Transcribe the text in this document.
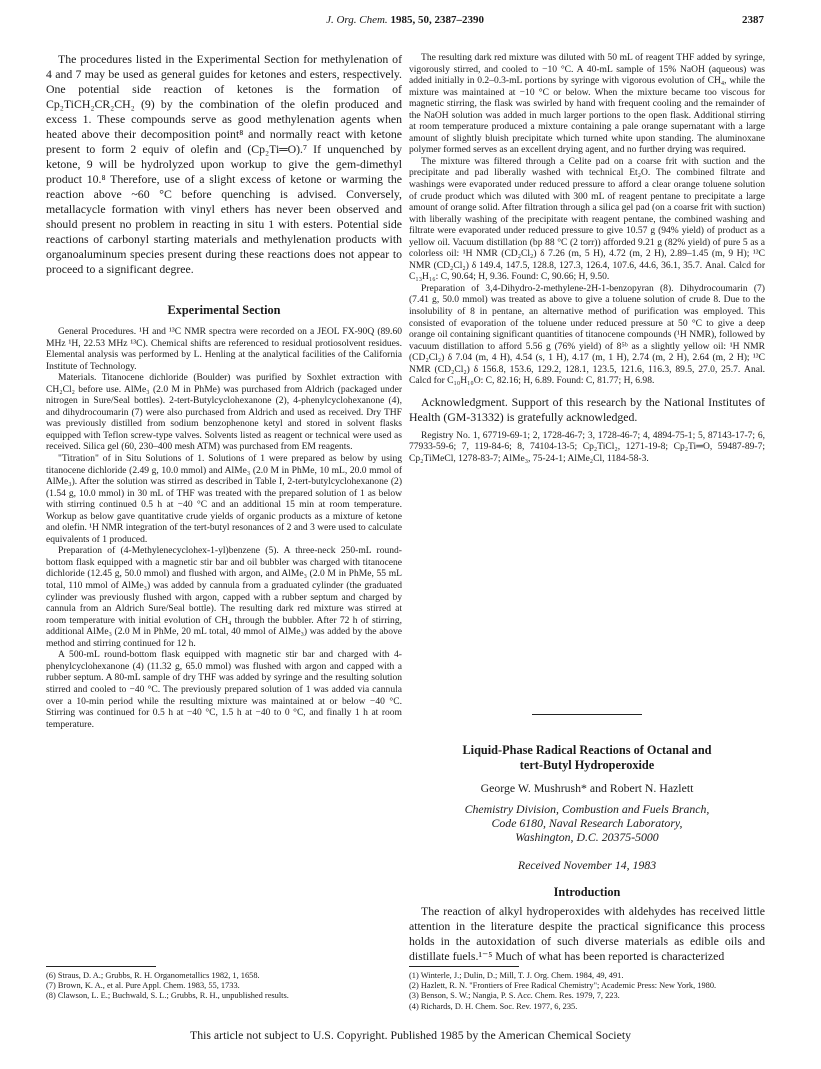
J. Org. Chem. 1985, 50, 2387–2390	2387

The procedures listed in the Experimental Section for methylenation of 4 and 7 may be used as general guides for ketones and esters, respectively. One potential side reaction of ketones is the formation of Cp₂TiCH₂CR₂CH₂ (9) by the combination of the olefin produced and excess 1. These compounds serve as good methylenation agents when heated above their decomposition point⁸ and normally react with ketone present to form 2 equiv of olefin and (Cp₂Ti═O).⁷ If unquenched by ketone, 9 will be hydrolyzed upon workup to give the gem-dimethyl product 10.⁸ Therefore, use of a slight excess of ketone or warming the reaction above ~60 °C before quenching is advised. Conversely, metallacycle formation with vinyl ethers has never been observed and should present no problem in reacting in situ 1 with esters. Potential side reactions of carbonyl starting materials and methylenation products with organoaluminum species present during these reactions does not appear to proceed to a significant degree.

Experimental Section

General Procedures. ¹H and ¹³C NMR spectra were recorded on a JEOL FX-90Q (89.60 MHz ¹H, 22.53 MHz ¹³C). Chemical shifts are referenced to residual protiosolvent residues. Elemental analysis was performed by L. Henling at the analytical facilities of the California Institute of Technology.

Materials. Titanocene dichloride (Boulder) was purified by Soxhlet extraction with CH₂Cl₂ before use. AlMe₃ (2.0 M in PhMe) was purchased from Aldrich (packaged under nitrogen in Sure/Seal bottles). 2-tert-Butylcyclohexanone (2), 4-phenylcyclohexanone (4), and dihydrocoumarin (7) were also purchased from Aldrich and used as received. Dry THF was previously distilled from sodium benzophenone ketyl and stored in solvent flasks equipped with Teflon screw-type valves. Solvents listed as reagent or technical were used as received. Silica gel (60, 230–400 mesh ATM) was purchased from EM reagents.

"Titration" of in Situ Solutions of 1. Solutions of 1 were prepared as below by using titanocene dichloride (2.49 g, 10.0 mmol) and AlMe₃ (2.0 M in PhMe, 10 mL, 20.0 mmol of AlMe₃). After the solution was stirred as described in Table I, 2-tert-butylcyclohexanone (2) (1.54 g, 10.0 mmol) in 30 mL of THF was treated with the prepared solution of 1 as below with stirring continued 0.5 h at −40 °C and an additional 15 min at room temperature. Workup as below gave quantitative crude yields of organic products as a mixture of ketone and olefin. ¹H NMR integration of the tert-butyl resonances of 2 and 3 were used to calculate equivalents of 1 produced.

Preparation of (4-Methylenecyclohex-1-yl)benzene (5). A three-neck 250-mL round-bottom flask equipped with a magnetic stir bar and oil bubbler was charged with titanocene dichloride (12.45 g, 50.0 mmol) and flushed with argon, and AlMe₃ (2.0 M in PhMe, 55 mL total, 110 mmol of AlMe₃) was added by cannula from a graduated cylinder (the graduated cylinder was previously flushed with argon, capped with a rubber septum and charged by cannula from an Aldrich Sure/Seal bottle). The resulting dark red mixture was stirred at room temperature with initial evolution of CH₄ through the bubbler. After 72 h of stirring, additional AlMe₃ (2.0 M in PhMe, 20 mL total, 40 mmol of AlMe₃) was added by the above method and stirring continued for 12 h.

A 500-mL round-bottom flask equipped with magnetic stir bar and charged with 4-phenylcyclohexanone (4) (11.32 g, 65.0 mmol) was flushed with argon and capped with a rubber septum. A 80-mL sample of dry THF was added by syringe and the resulting solution stirred and cooled to −40 °C. The previously prepared solution of 1 was added via cannula over a 10-min period while the resulting mixture was maintained at or below −40 °C. Stirring was continued for 0.5 h at −40 °C, 1.5 h at −40 to 0 °C, and finally 1 h at room temperature.

(6) Straus, D. A.; Grubbs, R. H. Organometallics 1982, 1, 1658.
(7) Brown, K. A., et al. Pure Appl. Chem. 1983, 55, 1733.
(8) Clawson, L. E.; Buchwald, S. L.; Grubbs, R. H., unpublished results.

The resulting dark red mixture was diluted with 50 mL of reagent THF added by syringe, vigorously stirred, and cooled to −10 °C. A 40-mL sample of 15% NaOH (aqueous) was added initially in 0.2–0.3-mL portions by syringe with vigorous evolution of CH₄, while the mixture was maintained at −10 °C or below. When the mixture became too viscous for magnetic stirring, the flask was swirled by hand with frequent cooling and the remainder of the NaOH solution was added in much larger portions to the open flask. Additional stirring at room temperature produced a mixture containing a pale orange supernatant with a large amount of slightly bluish precipitate which turned white upon standing. The aluminoxane polymer formed serves as an excellent drying agent, and no further drying was required.

The mixture was filtered through a Celite pad on a coarse frit with suction and the precipitate and pad liberally washed with technical Et₂O. The combined filtrate and washings were evaporated under reduced pressure to afford a clear orange toluene solution of crude product which was diluted with 300 mL of reagent pentane to precipitate a large amount of orange solid. After filtration through a silica gel pad (on a coarse frit with suction) with liberally washing of the precipitate with reagent pentane, the combined washing and filtrate were evaporated under reduced pressure to give 10.57 g (94% yield) of product as a yellow oil. Vacuum distillation (bp 88 °C (2 torr)) afforded 9.21 g (82% yield) of pure 5 as a colorless oil: ¹H NMR (CD₂Cl₂) δ 7.26 (m, 5 H), 4.72 (m, 2 H), 2.89–1.45 (m, 9 H); ¹³C NMR (CD₂Cl₂) δ 149.4, 147.5, 128.8, 127.3, 126.4, 107.6, 44.6, 36.1, 35.7. Anal. Calcd for C₁₃H₁₆: C, 90.64; H, 9.36. Found: C, 90.66; H, 9.50.

Preparation of 3,4-Dihydro-2-methylene-2H-1-benzopyran (8). Dihydrocoumarin (7) (7.41 g, 50.0 mmol) was treated as above to give a toluene solution of crude 8. Due to the insolubility of 8 in pentane, an alternative method of purification was employed. This consisted of evaporation of the toluene under reduced pressure at 50 °C to give a deep orange oil containing significant quantities of titanocene compounds (¹H NMR), followed by vacuum distillation to afford 5.56 g (76% yield) of 8⁵ᵇ as a slightly yellow oil: ¹H NMR (CD₂Cl₂) δ 7.04 (m, 4 H), 4.54 (s, 1 H), 4.17 (m, 1 H), 2.74 (m, 2 H), 2.64 (m, 2 H); ¹³C NMR (CD₂Cl₂) δ 156.8, 153.6, 129.2, 128.1, 123.5, 121.6, 116.3, 89.5, 27.0, 25.7. Anal. Calcd for C₁₀H₁₀O: C, 82.16; H, 6.89. Found: C, 81.77; H, 6.98.

Acknowledgment. Support of this research by the National Institutes of Health (GM-31332) is gratefully acknowledged.

Registry No. 1, 67719-69-1; 2, 1728-46-7; 3, 1728-46-7; 4, 4894-75-1; 5, 87143-17-7; 6, 77933-59-6; 7, 119-84-6; 8, 74104-13-5; Cp₂TiCl₂, 1271-19-8; Cp₂Ti═O, 59487-89-7; Cp₂TiMeCl, 1278-83-7; AlMe₃, 75-24-1; AlMe₂Cl, 1184-58-3.

Liquid-Phase Radical Reactions of Octanal and
tert-Butyl Hydroperoxide
George W. Mushrush* and Robert N. Hazlett
Chemistry Division, Combustion and Fuels Branch,
Code 6180, Naval Research Laboratory,
Washington, D.C. 20375-5000
Received November 14, 1983
Introduction

The reaction of alkyl hydroperoxides with aldehydes has received little attention in the literature despite the practical significance this process holds in the autoxidation of such diverse materials as edible oils and distillate fuels.¹⁻⁵ Much of what has been reported is characterized

(1) Winterle, J.; Dulin, D.; Mill, T. J. Org. Chem. 1984, 49, 491.
(2) Hazlett, R. N. "Frontiers of Free Radical Chemistry"; Academic Press: New York, 1980.
(3) Benson, S. W.; Nangia, P. S. Acc. Chem. Res. 1979, 7, 223.
(4) Richards, D. H. Chem. Soc. Rev. 1977, 6, 235.
This article not subject to U.S. Copyright. Published 1985 by the American Chemical Society
